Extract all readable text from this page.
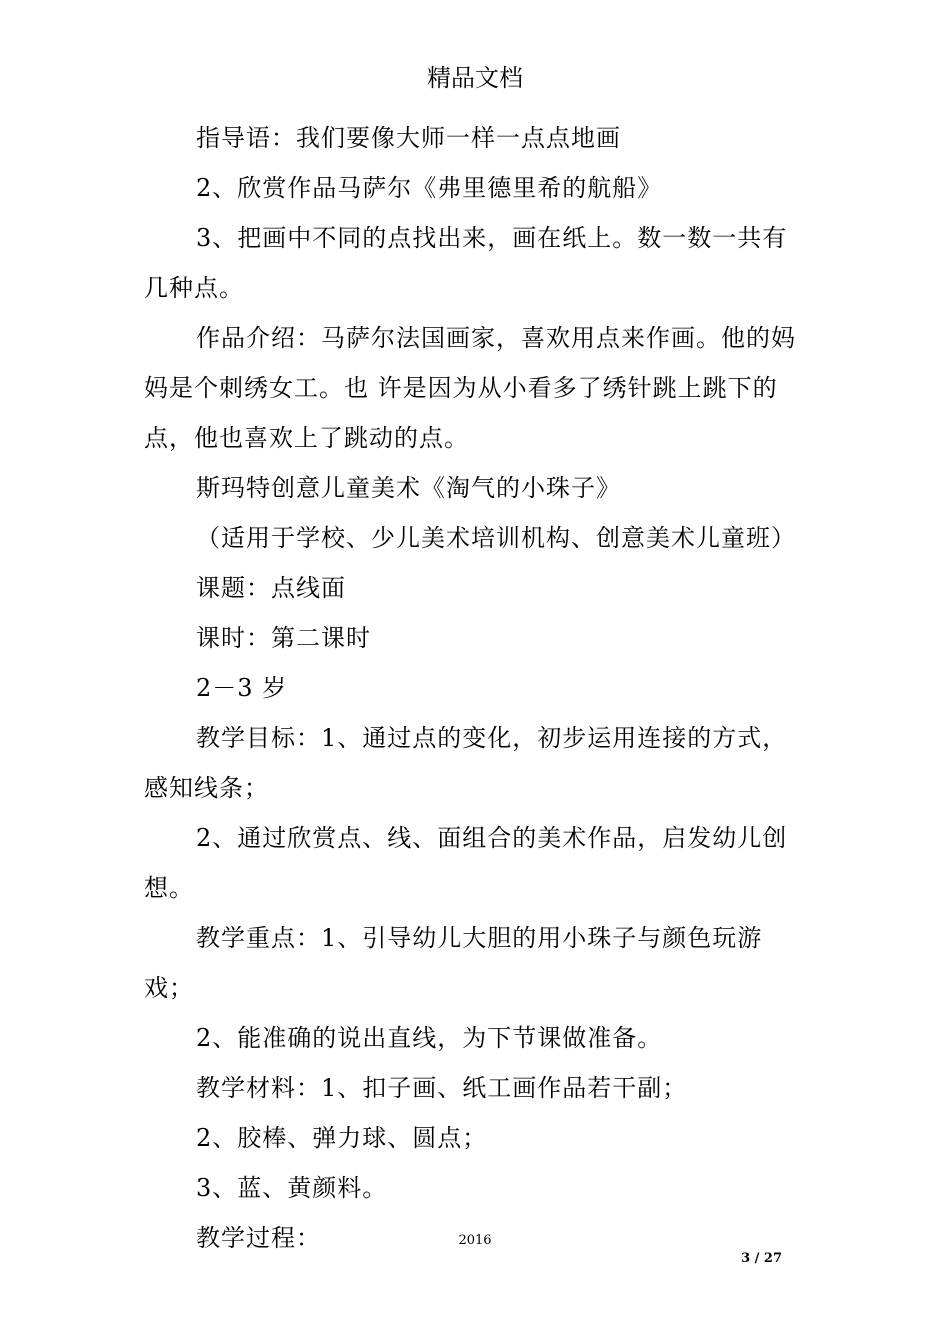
精品文档

指导语：我们要像大师一样一点点地画

2、欣赏作品马萨尔《弗里德里希的航船》

3、把画中不同的点找出来，画在纸上。数一数一共有几种点。

作品介绍：马萨尔法国画家，喜欢用点来作画。他的妈妈是个刺绣女工。也 许是因为从小看多了绣针跳上跳下的点，他也喜欢上了跳动的点。

斯玛特创意儿童美术《淘气的小珠子》

（适用于学校、少儿美术培训机构、创意美术儿童班）

课题：点线面

课时：第二课时

2－3 岁

教学目标：1、通过点的变化，初步运用连接的方式，感知线条；

2、通过欣赏点、线、面组合的美术作品，启发幼儿创想。

教学重点：1、引导幼儿大胆的用小珠子与颜色玩游戏；

2、能准确的说出直线，为下节课做准备。

教学材料：1、扣子画、纸工画作品若干副；

2、胶棒、弹力球、圆点；

3、蓝、黄颜料。

教学过程：	2016
3 / 27
